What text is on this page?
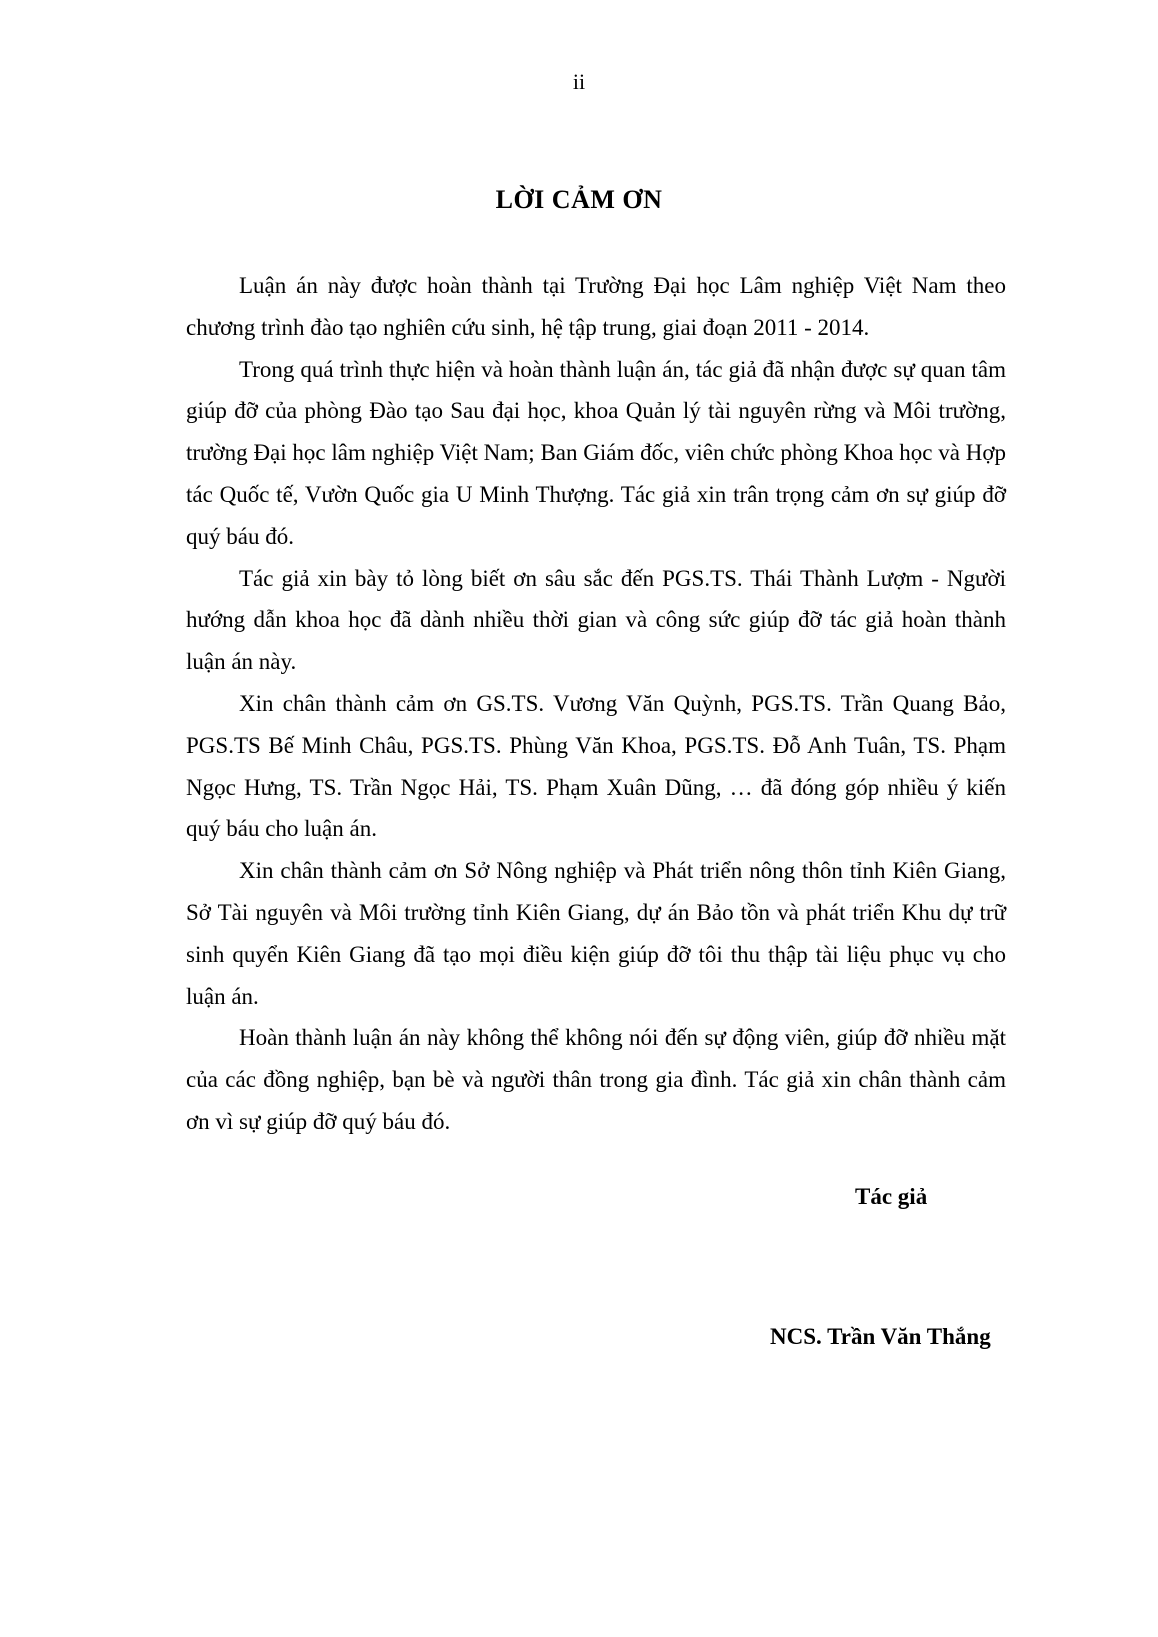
ii
LỜI CẢM ƠN

Luận án này được hoàn thành tại Trường Đại học Lâm nghiệp Việt Nam theo chương trình đào tạo nghiên cứu sinh, hệ tập trung, giai đoạn 2011 - 2014.

Trong quá trình thực hiện và hoàn thành luận án, tác giả đã nhận được sự quan tâm giúp đỡ của phòng Đào tạo Sau đại học, khoa Quản lý tài nguyên rừng và Môi trường, trường Đại học lâm nghiệp Việt Nam; Ban Giám đốc, viên chức phòng Khoa học và Hợp tác Quốc tế, Vườn Quốc gia U Minh Thượng. Tác giả xin trân trọng cảm ơn sự giúp đỡ quý báu đó.

Tác giả xin bày tỏ lòng biết ơn sâu sắc đến PGS.TS. Thái Thành Lượm - Người hướng dẫn khoa học đã dành nhiều thời gian và công sức giúp đỡ tác giả hoàn thành luận án này.

Xin chân thành cảm ơn GS.TS. Vương Văn Quỳnh, PGS.TS. Trần Quang Bảo, PGS.TS Bế Minh Châu, PGS.TS. Phùng Văn Khoa, PGS.TS. Đỗ Anh Tuân, TS. Phạm Ngọc Hưng, TS. Trần Ngọc Hải, TS. Phạm Xuân Dũng, … đã đóng góp nhiều ý kiến quý báu cho luận án.

Xin chân thành cảm ơn Sở Nông nghiệp và Phát triển nông thôn tỉnh Kiên Giang, Sở Tài nguyên và Môi trường tỉnh Kiên Giang, dự án Bảo tồn và phát triển Khu dự trữ sinh quyển Kiên Giang đã tạo mọi điều kiện giúp đỡ tôi thu thập tài liệu phục vụ cho luận án.

Hoàn thành luận án này không thể không nói đến sự động viên, giúp đỡ nhiều mặt của các đồng nghiệp, bạn bè và người thân trong gia đình. Tác giả xin chân thành cảm ơn vì sự giúp đỡ quý báu đó.

Tác giả
NCS. Trần Văn Thắng
